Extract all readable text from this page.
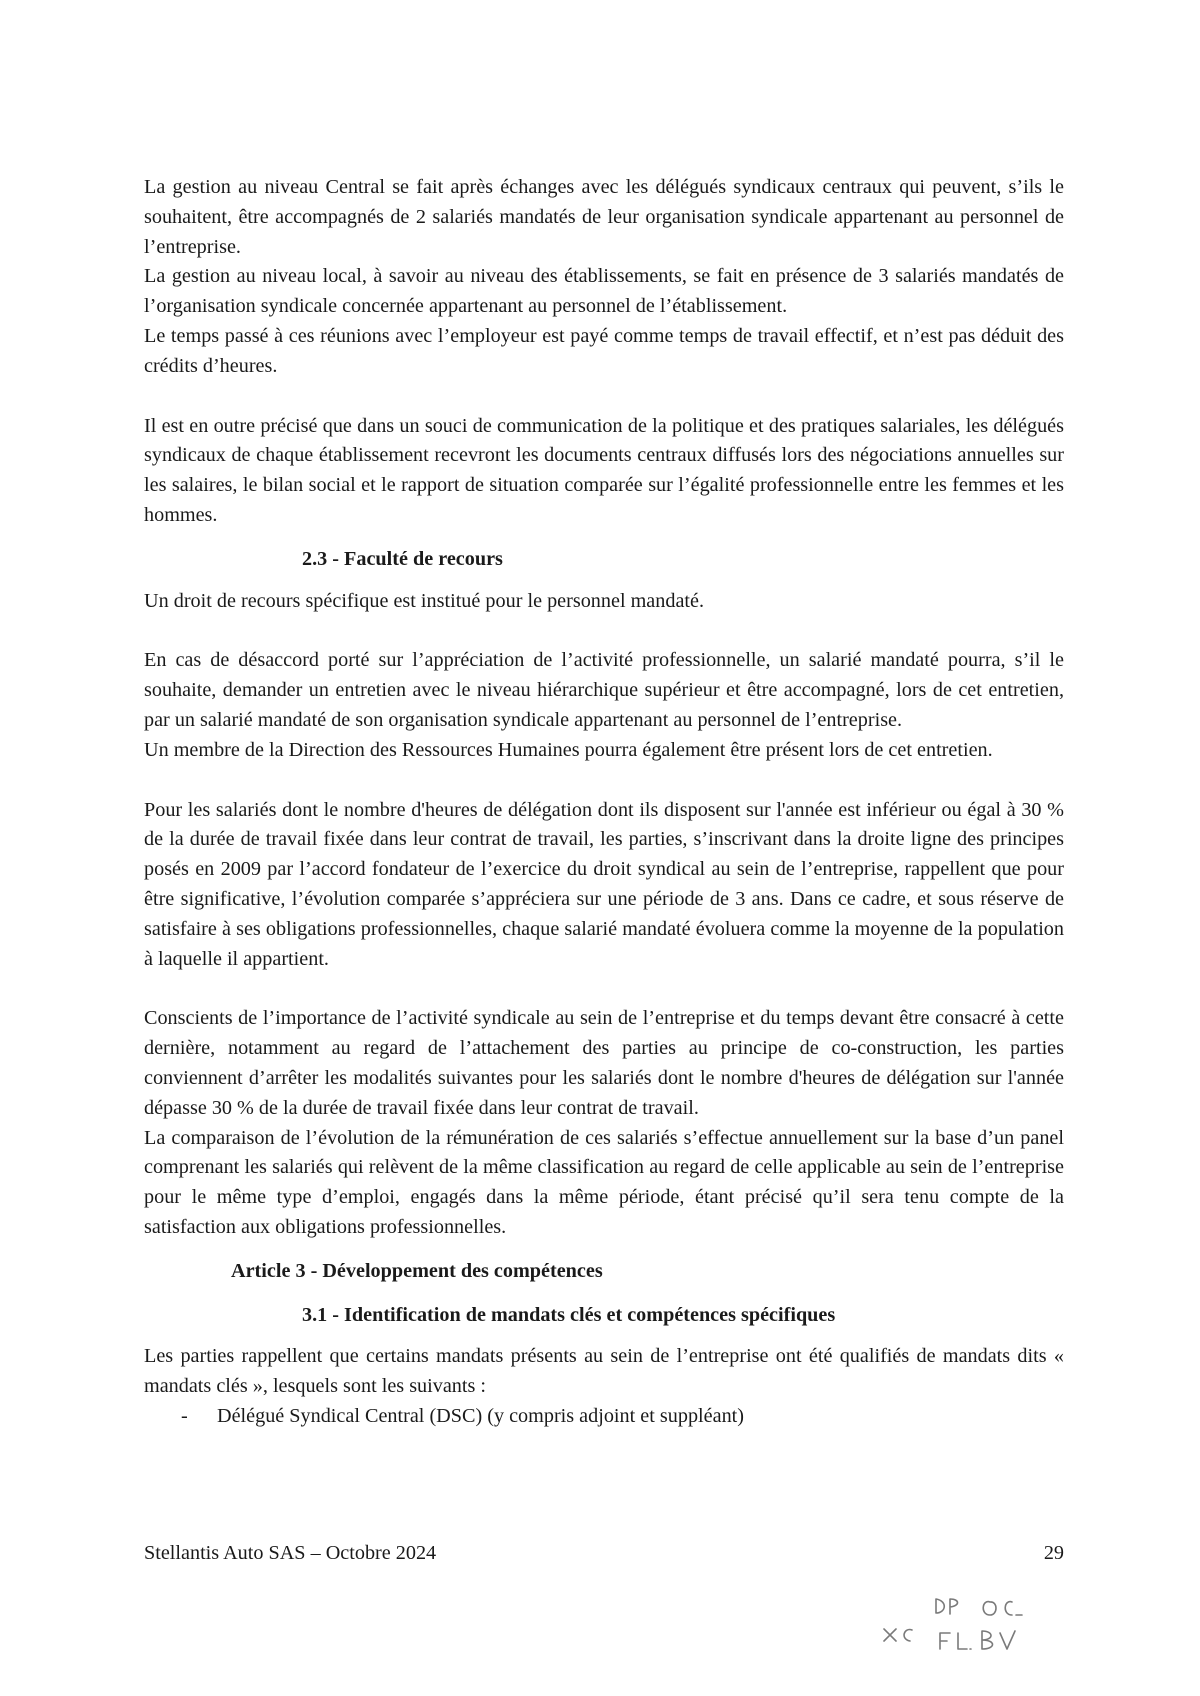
La gestion au niveau Central se fait après échanges avec les délégués syndicaux centraux qui peuvent, s’ils le souhaitent, être accompagnés de 2 salariés mandatés de leur organisation syndicale appartenant au personnel de l’entreprise.

La gestion au niveau local, à savoir au niveau des établissements, se fait en présence de 3 salariés mandatés de l’organisation syndicale concernée appartenant au personnel de l’établissement.

Le temps passé à ces réunions avec l’employeur est payé comme temps de travail effectif, et n’est pas déduit des crédits d’heures.

Il est en outre précisé que dans un souci de communication de la politique et des pratiques salariales, les délégués syndicaux de chaque établissement recevront les documents centraux diffusés lors des négociations annuelles sur les salaires, le bilan social et le rapport de situation comparée sur l’égalité professionnelle entre les femmes et les hommes.

2.3 - Faculté de recours

Un droit de recours spécifique est institué pour le personnel mandaté.

En cas de désaccord porté sur l’appréciation de l’activité professionnelle, un salarié mandaté pourra, s’il le souhaite, demander un entretien avec le niveau hiérarchique supérieur et être accompagné, lors de cet entretien, par un salarié mandaté de son organisation syndicale appartenant au personnel de l’entreprise.

Un membre de la Direction des Ressources Humaines pourra également être présent lors de cet entretien.

Pour les salariés dont le nombre d'heures de délégation dont ils disposent sur l'année est inférieur ou égal à 30 % de la durée de travail fixée dans leur contrat de travail, les parties, s’inscrivant dans la droite ligne des principes posés en 2009 par l’accord fondateur de l’exercice du droit syndical au sein de l’entreprise, rappellent que pour être significative, l’évolution comparée s’appréciera sur une période de 3 ans. Dans ce cadre, et sous réserve de satisfaire à ses obligations professionnelles, chaque salarié mandaté évoluera comme la moyenne de la population à laquelle il appartient.

Conscients de l’importance de l’activité syndicale au sein de l’entreprise et du temps devant être consacré à cette dernière, notamment au regard de l’attachement des parties au principe de co-construction, les parties conviennent d’arrêter les modalités suivantes pour les salariés dont le nombre d'heures de délégation sur l'année dépasse 30 % de la durée de travail fixée dans leur contrat de travail.

La comparaison de l’évolution de la rémunération de ces salariés s’effectue annuellement sur la base d’un panel comprenant les salariés qui relèvent de la même classification au regard de celle applicable au sein de l’entreprise pour le même type d’emploi, engagés dans la même période, étant précisé qu’il sera tenu compte de la satisfaction aux obligations professionnelles.

Article 3 - Développement des compétences

3.1 - Identification de mandats clés et compétences spécifiques

Les parties rappellent que certains mandats présents au sein de l’entreprise ont été qualifiés de mandats dits « mandats clés », lesquels sont les suivants :

- Délégué Syndical Central (DSC) (y compris adjoint et suppléant)
Stellantis Auto SAS – Octobre 2024	29
